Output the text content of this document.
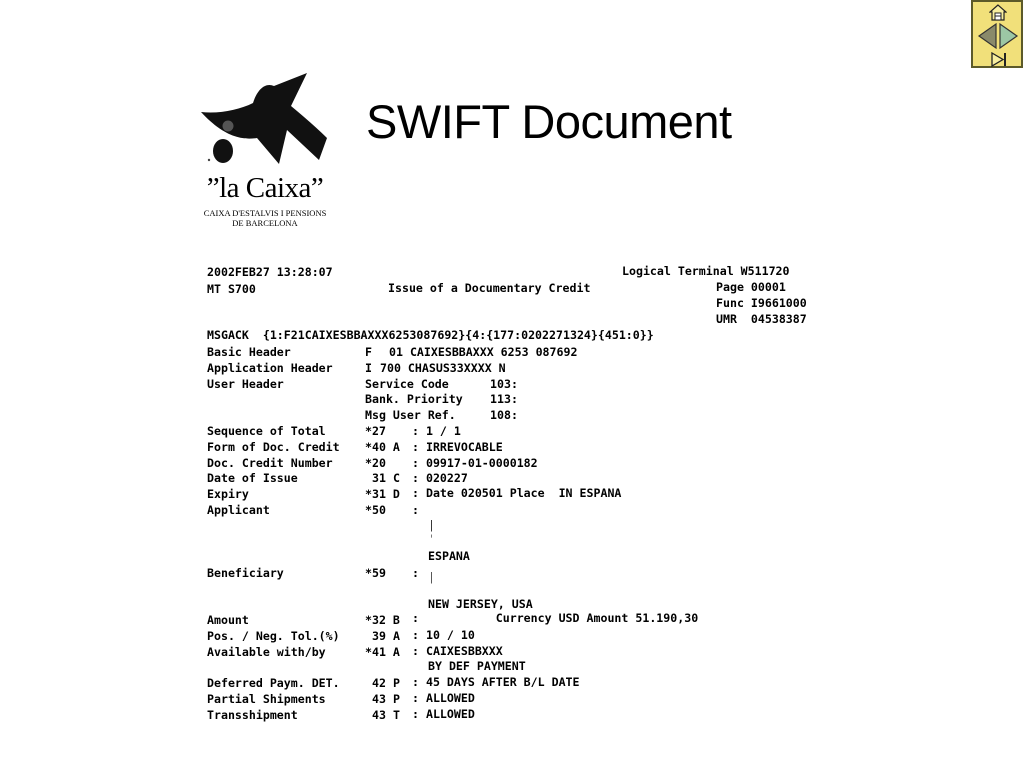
”la Caixa”
CAIXA D'ESTALVIS I PENSIONS
DE BARCELONA
SWIFT Document
2002FEB27 13:28:07	Logical Terminal W511720
MT S700	Issue of a Documentary Credit	Page 00001
Func I9661000
UMR  04538387
MSGACK  {1:F21CAIXESBBAXXX6253087692}{4:{177:0202271324}{451:0}}
Basic Header	F 01 CAIXESBBAXXX 6253 087692
Application Header	I 700 CHASUS33XXXX N
User Header	Service Code	103:
Bank. Priority 113:
Msg User Ref.	108:
Sequence of Total	*27 : 1 / 1
Form of Doc. Credit *40 A : IRREVOCABLE
Doc. Credit Number	*20 : 09917-01-0000182
Date of Issue	31 C : 020227
Expiry	*31 D : Date 020501 Place  IN ESPANA
Applicant	*50 :
ESPANA
Beneficiary	*59 :
NEW JERSEY, USA
Amount	*32 B :           Currency USD Amount 51.190,30
Pos. / Neg. Tol.(%)	39 A : 10 / 10
Available with/by	*41 A : CAIXESBBXXX
BY DEF PAYMENT
Deferred Paym. DET.	42 P : 45 DAYS AFTER B/L DATE
Partial Shipments	43 P : ALLOWED
Transshipment	43 T : ALLOWED
|
'
|
